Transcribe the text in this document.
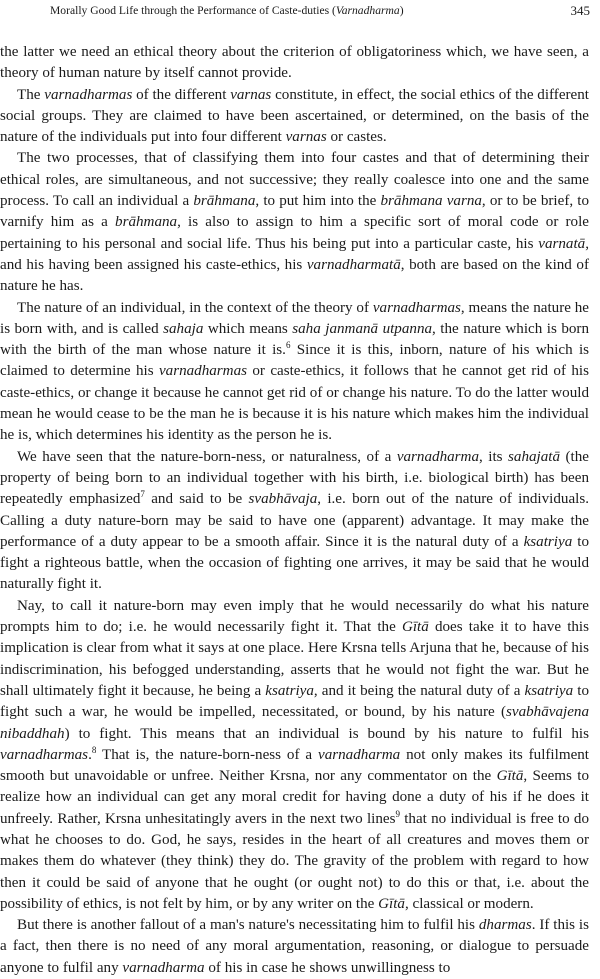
Morally Good Life through the Performance of Caste-duties (Varnadharma)	345

the latter we need an ethical theory about the criterion of obligatoriness which, we have seen, a theory of human nature by itself cannot provide.

The varnadharmas of the different varnas constitute, in effect, the social ethics of the different social groups. They are claimed to have been ascertained, or determined, on the basis of the nature of the individuals put into four different varnas or castes.

The two processes, that of classifying them into four castes and that of determining their ethical roles, are simultaneous, and not successive; they really coalesce into one and the same process. To call an individual a brāhmana, to put him into the brāhmana varna, or to be brief, to varnify him as a brāhmana, is also to assign to him a specific sort of moral code or role pertaining to his personal and social life. Thus his being put into a particular caste, his varnatā, and his having been assigned his caste-ethics, his varnadharmatā, both are based on the kind of nature he has.

The nature of an individual, in the context of the theory of varnadharmas, means the nature he is born with, and is called sahaja which means saha janmanā utpanna, the nature which is born with the birth of the man whose nature it is.$^6$ Since it is this, inborn, nature of his which is claimed to determine his varnadharmas or caste-ethics, it follows that he cannot get rid of his caste-ethics, or change it because he cannot get rid of or change his nature. To do the latter would mean he would cease to be the man he is because it is his nature which makes him the individual he is, which determines his identity as the person he is.

We have seen that the nature-born-ness, or naturalness, of a varnadharma, its sahajatā (the property of being born to an individual together with his birth, i.e. biological birth) has been repeatedly emphasized$^7$ and said to be svabhāvaja, i.e. born out of the nature of individuals. Calling a duty nature-born may be said to have one (apparent) advantage. It may make the performance of a duty appear to be a smooth affair. Since it is the natural duty of a ksatriya to fight a righteous battle, when the occasion of fighting one arrives, it may be said that he would naturally fight it.

Nay, to call it nature-born may even imply that he would necessarily do what his nature prompts him to do; i.e. he would necessarily fight it. That the Gītā does take it to have this implication is clear from what it says at one place. Here Krsna tells Arjuna that he, because of his indiscrimination, his befogged understanding, asserts that he would not fight the war. But he shall ultimately fight it because, he being a ksatriya, and it being the natural duty of a ksatriya to fight such a war, he would be impelled, necessitated, or bound, by his nature (svabhāvajena nibaddhah) to fight. This means that an individual is bound by his nature to fulfil his varnadharmas.$^8$ That is, the nature-born-ness of a varnadharma not only makes its fulfilment smooth but unavoidable or unfree. Neither Krsna, nor any commentator on the Gītā, Seems to realize how an individual can get any moral credit for having done a duty of his if he does it unfreely. Rather, Krsna unhesitatingly avers in the next two lines$^9$ that no individual is free to do what he chooses to do. God, he says, resides in the heart of all creatures and moves them or makes them do whatever (they think) they do. The gravity of the problem with regard to how then it could be said of anyone that he ought (or ought not) to do this or that, i.e. about the possibility of ethics, is not felt by him, or by any writer on the Gītā, classical or modern.

But there is another fallout of a man's nature's necessitating him to fulfil his dharmas. If this is a fact, then there is no need of any moral argumentation, reasoning, or dialogue to persuade anyone to fulfil any varnadharma of his in case he shows unwillingness to
